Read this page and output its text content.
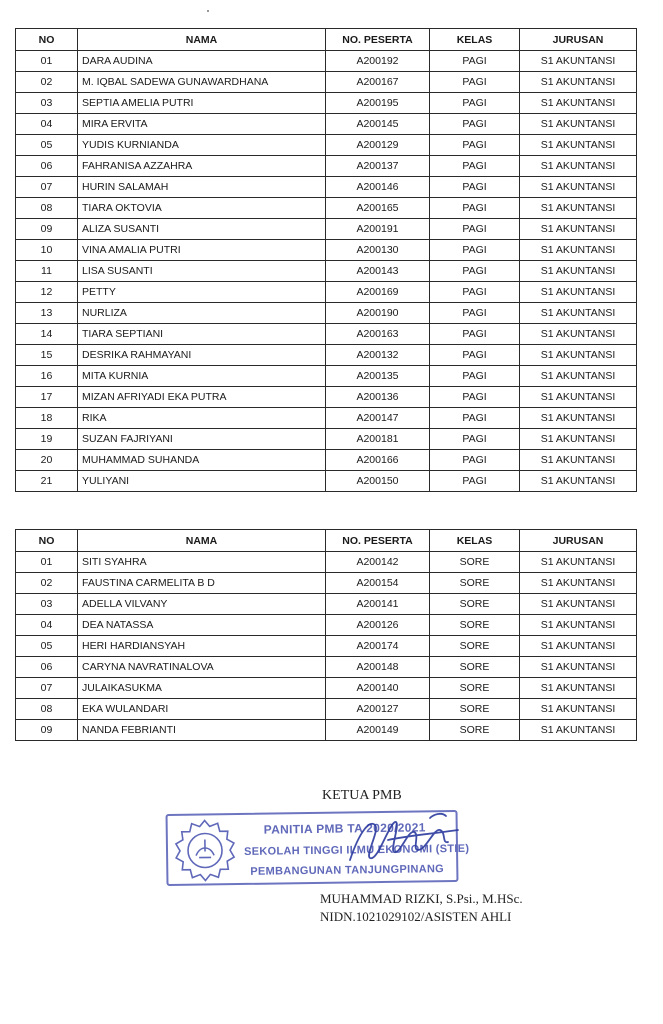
NO	NAMA	NO. PESERTA	KELAS	JURUSAN
01	DARA AUDINA	A200192	PAGI	S1 AKUNTANSI
02	M. IQBAL SADEWA GUNAWARDHANA	A200167	PAGI	S1 AKUNTANSI
03	SEPTIA AMELIA PUTRI	A200195	PAGI	S1 AKUNTANSI
04	MIRA ERVITA	A200145	PAGI	S1 AKUNTANSI
05	YUDIS KURNIANDA	A200129	PAGI	S1 AKUNTANSI
06	FAHRANISA AZZAHRA	A200137	PAGI	S1 AKUNTANSI
07	HURIN SALAMAH	A200146	PAGI	S1 AKUNTANSI
08	TIARA OKTOVIA	A200165	PAGI	S1 AKUNTANSI
09	ALIZA SUSANTI	A200191	PAGI	S1 AKUNTANSI
10	VINA AMALIA PUTRI	A200130	PAGI	S1 AKUNTANSI
11	LISA SUSANTI	A200143	PAGI	S1 AKUNTANSI
12	PETTY	A200169	PAGI	S1 AKUNTANSI
13	NURLIZA	A200190	PAGI	S1 AKUNTANSI
14	TIARA SEPTIANI	A200163	PAGI	S1 AKUNTANSI
15	DESRIKA RAHMAYANI	A200132	PAGI	S1 AKUNTANSI
16	MITA KURNIA	A200135	PAGI	S1 AKUNTANSI
17	MIZAN AFRIYADI EKA PUTRA	A200136	PAGI	S1 AKUNTANSI
18	RIKA	A200147	PAGI	S1 AKUNTANSI
19	SUZAN FAJRIYANI	A200181	PAGI	S1 AKUNTANSI
20	MUHAMMAD SUHANDA	A200166	PAGI	S1 AKUNTANSI
21	YULIYANI	A200150	PAGI	S1 AKUNTANSI
NO	NAMA	NO. PESERTA	KELAS	JURUSAN
01	SITI SYAHRA	A200142	SORE	S1 AKUNTANSI
02	FAUSTINA CARMELITA B D	A200154	SORE	S1 AKUNTANSI
03	ADELLA VILVANY	A200141	SORE	S1 AKUNTANSI
04	DEA NATASSA	A200126	SORE	S1 AKUNTANSI
05	HERI HARDIANSYAH	A200174	SORE	S1 AKUNTANSI
06	CARYNA NAVRATINALOVA	A200148	SORE	S1 AKUNTANSI
07	JULAIKASUKMA	A200140	SORE	S1 AKUNTANSI
08	EKA WULANDARI	A200127	SORE	S1 AKUNTANSI
09	NANDA FEBRIANTI	A200149	SORE	S1 AKUNTANSI
KETUA PMB
PANITIA PMB TA 2020/2021
SEKOLAH TINGGI ILMU EKONOMI (STIE)
PEMBANGUNAN TANJUNGPINANG
MUHAMMAD RIZKI, S.Psi., M.HSc.
NIDN.1021029102/ASISTEN AHLI
